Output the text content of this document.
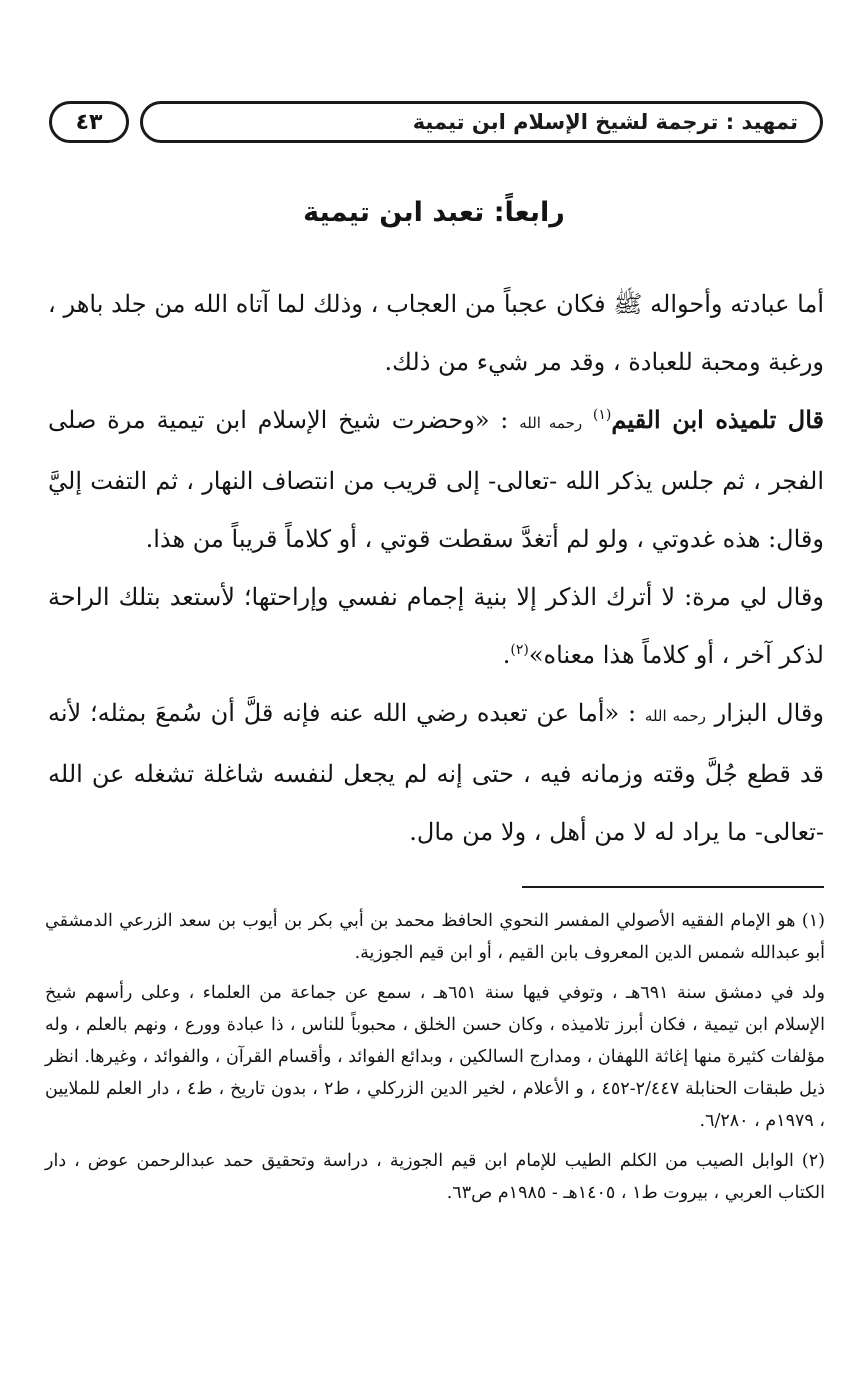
تمهيد : ترجمة لشيخ الإسلام ابن تيمية
٤٣
رابعاً: تعبد ابن تيمية

أما عبادته وأحواله ﷺ فكان عجباً من العجاب ، وذلك لما آتاه الله من جلد باهر ، ورغبة ومحبة للعبادة ، وقد مر شيء من ذلك.

قال تلميذه ابن القيم$^{(١)}$ رحمه الله : «وحضرت شيخ الإسلام ابن تيمية مرة صلى الفجر ، ثم جلس يذكر الله -تعالى- إلى قريب من انتصاف النهار ، ثم التفت إليَّ وقال: هذه غدوتي ، ولو لم أتغدَّ سقطت قوتي ، أو كلاماً قريباً من هذا.

وقال لي مرة: لا أترك الذكر إلا بنية إجمام نفسي وإراحتها؛ لأستعد بتلك الراحة لذكر آخر ، أو كلاماً هذا معناه»$^{(٢)}$.

وقال البزار رحمه الله : «أما عن تعبده رضي الله عنه فإنه قلَّ أن سُمعَ بمثله؛ لأنه قد قطع جُلَّ وقته وزمانه فيه ، حتى إنه لم يجعل لنفسه شاغلة تشغله عن الله -تعالى- ما يراد له لا من أهل ، ولا من مال.

(١) هو الإمام الفقيه الأصولي المفسر النحوي الحافظ محمد بن أبي بكر بن أيوب بن سعد الزرعي الدمشقي أبو عبدالله شمس الدين المعروف بابن القيم ، أو ابن قيم الجوزية.

ولد في دمشق سنة ٦٩١هـ ، وتوفي فيها سنة ٦٥١هـ ، سمع عن جماعة من العلماء ، وعلى رأسهم شيخ الإسلام ابن تيمية ، فكان أبرز تلاميذه ، وكان حسن الخلق ، محبوباً للناس ، ذا عبادة وورع ، ونهم بالعلم ، وله مؤلفات كثيرة منها إغاثة اللهفان ، ومدارج السالكين ، وبدائع الفوائد ، وأقسام القرآن ، والفوائد ، وغيرها. انظر ذيل طبقات الحنابلة ٢/٤٤٧-٤٥٢ ، و الأعلام ، لخير الدين الزركلي ، ط٢ ، بدون تاريخ ، ط٤ ، دار العلم للملايين ، ١٩٧٩م ، ٦/٢٨٠.

(٢) الوابل الصيب من الكلم الطيب للإمام ابن قيم الجوزية ، دراسة وتحقيق حمد عبدالرحمن عوض ، دار الكتاب العربي ، بيروت ط١ ، ١٤٠٥هـ - ١٩٨٥م ص٦٣.
